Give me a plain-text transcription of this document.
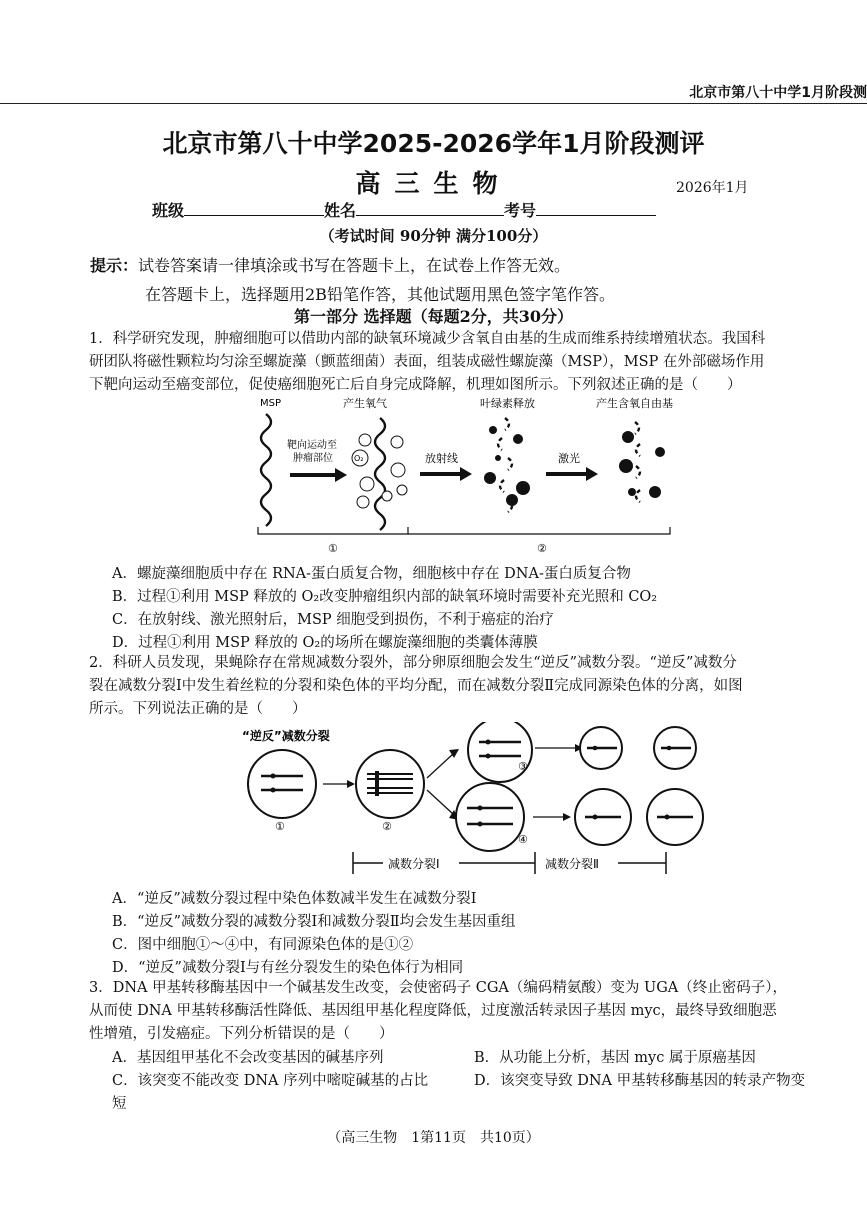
北京市第八十中学1月阶段测
北京市第八十中学2025-2026学年1月阶段测评
高三生物	2026年1月
班级	姓名	考号
（考试时间 90分钟 满分100分）
提示：试卷答案请一律填涂或书写在答题卡上，在试卷上作答无效。
在答题卡上，选择题用2B铅笔作答，其他试题用黑色签字笔作答。
第一部分 选择题（每题2分，共30分）
1．科学研究发现，肿瘤细胞可以借助内部的缺氧环境减少含氧自由基的生成而维系持续增殖状态。我国科
研团队将磁性颗粒均匀涂至螺旋藻（颤蓝细菌）表面，组装成磁性螺旋藻（MSP），MSP 在外部磁场作用
下靶向运动至癌变部位，促使癌细胞死亡后自身完成降解，机理如图所示。下列叙述正确的是（　　）
MSP	产生氧气	叶绿素释放	产生含氧自由基
靶向运动至
肿瘤部位	O₂	放射线	激光
①	②
A．螺旋藻细胞质中存在 RNA-蛋白质复合物，细胞核中存在 DNA-蛋白质复合物
B．过程①利用 MSP 释放的 O₂改变肿瘤组织内部的缺氧环境时需要补充光照和 CO₂
C．在放射线、激光照射后，MSP 细胞受到损伤，不利于癌症的治疗
D．过程①利用 MSP 释放的 O₂的场所在螺旋藻细胞的类囊体薄膜
2．科研人员发现，果蝇除存在常规减数分裂外，部分卵原细胞会发生“逆反”减数分裂。“逆反”减数分
裂在减数分裂Ⅰ中发生着丝粒的分裂和染色体的平均分配，而在减数分裂Ⅱ完成同源染色体的分离，如图
所示。下列说法正确的是（　　）
“逆反”减数分裂
①	②
③
④
减数分裂Ⅰ	减数分裂Ⅱ
A．“逆反”减数分裂过程中染色体数减半发生在减数分裂Ⅰ
B．“逆反”减数分裂的减数分裂Ⅰ和减数分裂Ⅱ均会发生基因重组
C．图中细胞①～④中，有同源染色体的是①②
D．“逆反”减数分裂Ⅰ与有丝分裂发生的染色体行为相同
3．DNA 甲基转移酶基因中一个碱基发生改变，会使密码子 CGA（编码精氨酸）变为 UGA（终止密码子），
从而使 DNA 甲基转移酶活性降低、基因组甲基化程度降低，过度激活转录因子基因 myc，最终导致细胞恶
性增殖，引发癌症。下列分析错误的是（　　）
A．基因组甲基化不会改变基因的碱基序列	B．从功能上分析，基因 myc 属于原癌基因
C．该突变不能改变 DNA 序列中嘧啶碱基的占比	D．该突变导致 DNA 甲基转移酶基因的转录产物变
短
（高三生物　1第11页　共10页）
